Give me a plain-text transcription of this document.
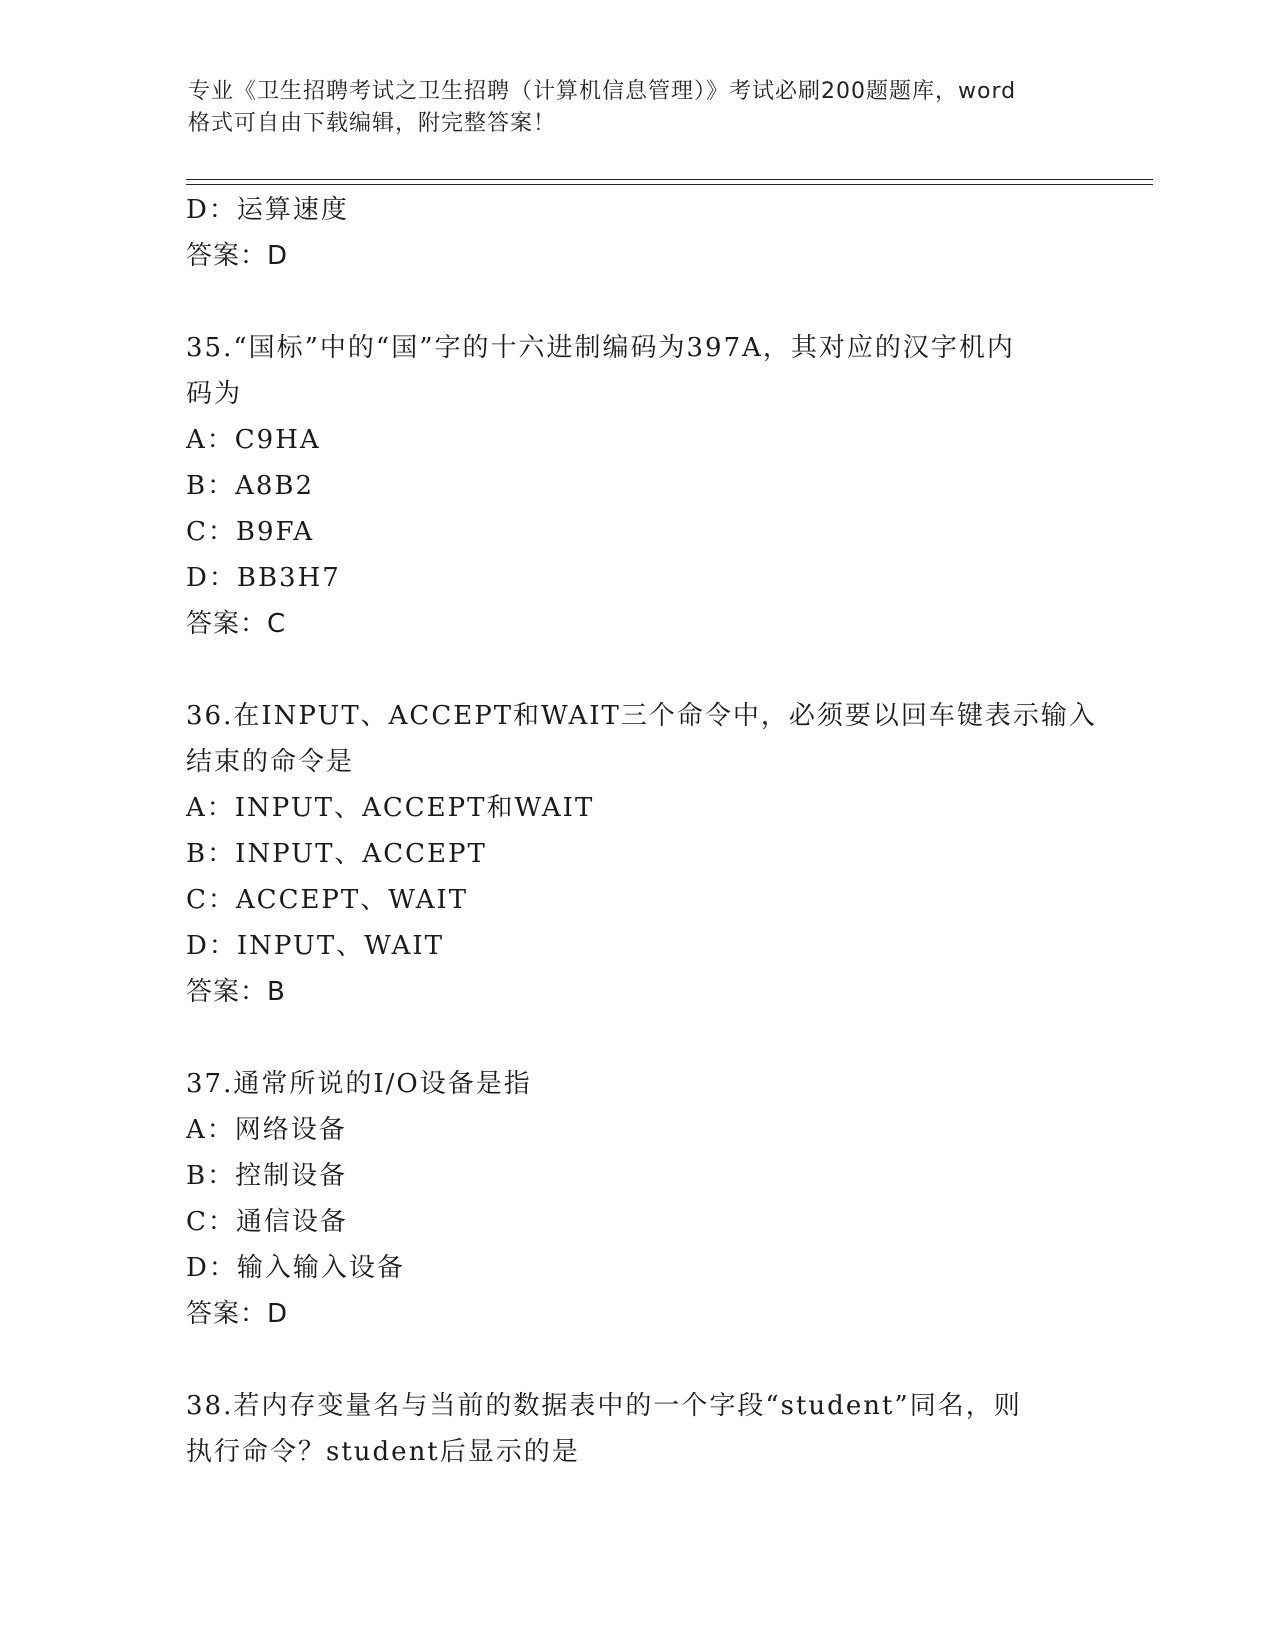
专业《卫生招聘考试之卫生招聘（计算机信息管理）》考试必刷200题题库，word
格式可自由下载编辑，附完整答案！
D：运算速度
答案：D
35.“国标”中的“国”字的十六进制编码为397A，其对应的汉字机内
码为
A：C9HA
B：A8B2
C：B9FA
D：BB3H7
答案：C
36.在INPUT、ACCEPT和WAIT三个命令中，必须要以回车键表示输入
结束的命令是
A：INPUT、ACCEPT和WAIT
B：INPUT、ACCEPT
C：ACCEPT、WAIT
D：INPUT、WAIT
答案：B
37.通常所说的I/O设备是指
A：网络设备
B：控制设备
C：通信设备
D：输入输入设备
答案：D
38.若内存变量名与当前的数据表中的一个字段“student”同名，则
执行命令？student后显示的是
